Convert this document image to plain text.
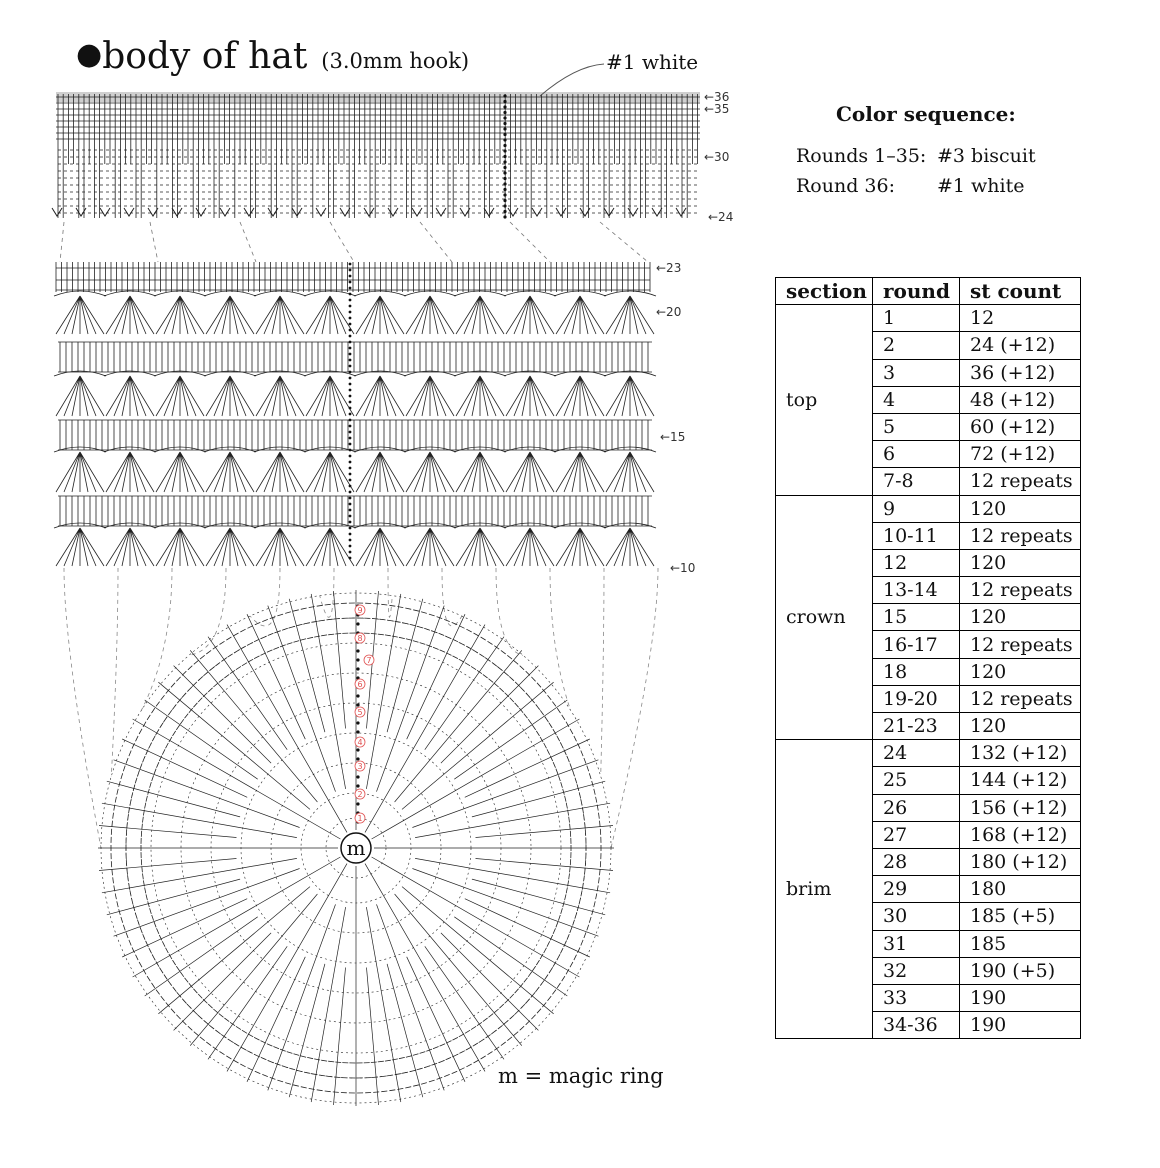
1
2
3
4
5
6
7
8
9
m
●body of hat (3.0mm hook)	#1 white
←36
←35
←30
←24
←23
←20
←15
←10
m = magic ring
Color sequence:
Rounds 1–35: #3 biscuit
Round 36: #1 white
section	round	st count
top	1	12
	2	24 (+12)
	3	36 (+12)
	4	48 (+12)
	5	60 (+12)
	6	72 (+12)
	7-8	12 repeats
crown	9	120
	10-11	12 repeats
	12	120
	13-14	12 repeats
	15	120
	16-17	12 repeats
	18	120
	19-20	12 repeats
	21-23	120
brim	24	132 (+12)
	25	144 (+12)
	26	156 (+12)
	27	168 (+12)
	28	180 (+12)
	29	180
	30	185 (+5)
	31	185
	32	190 (+5)
	33	190
	34-36	190
